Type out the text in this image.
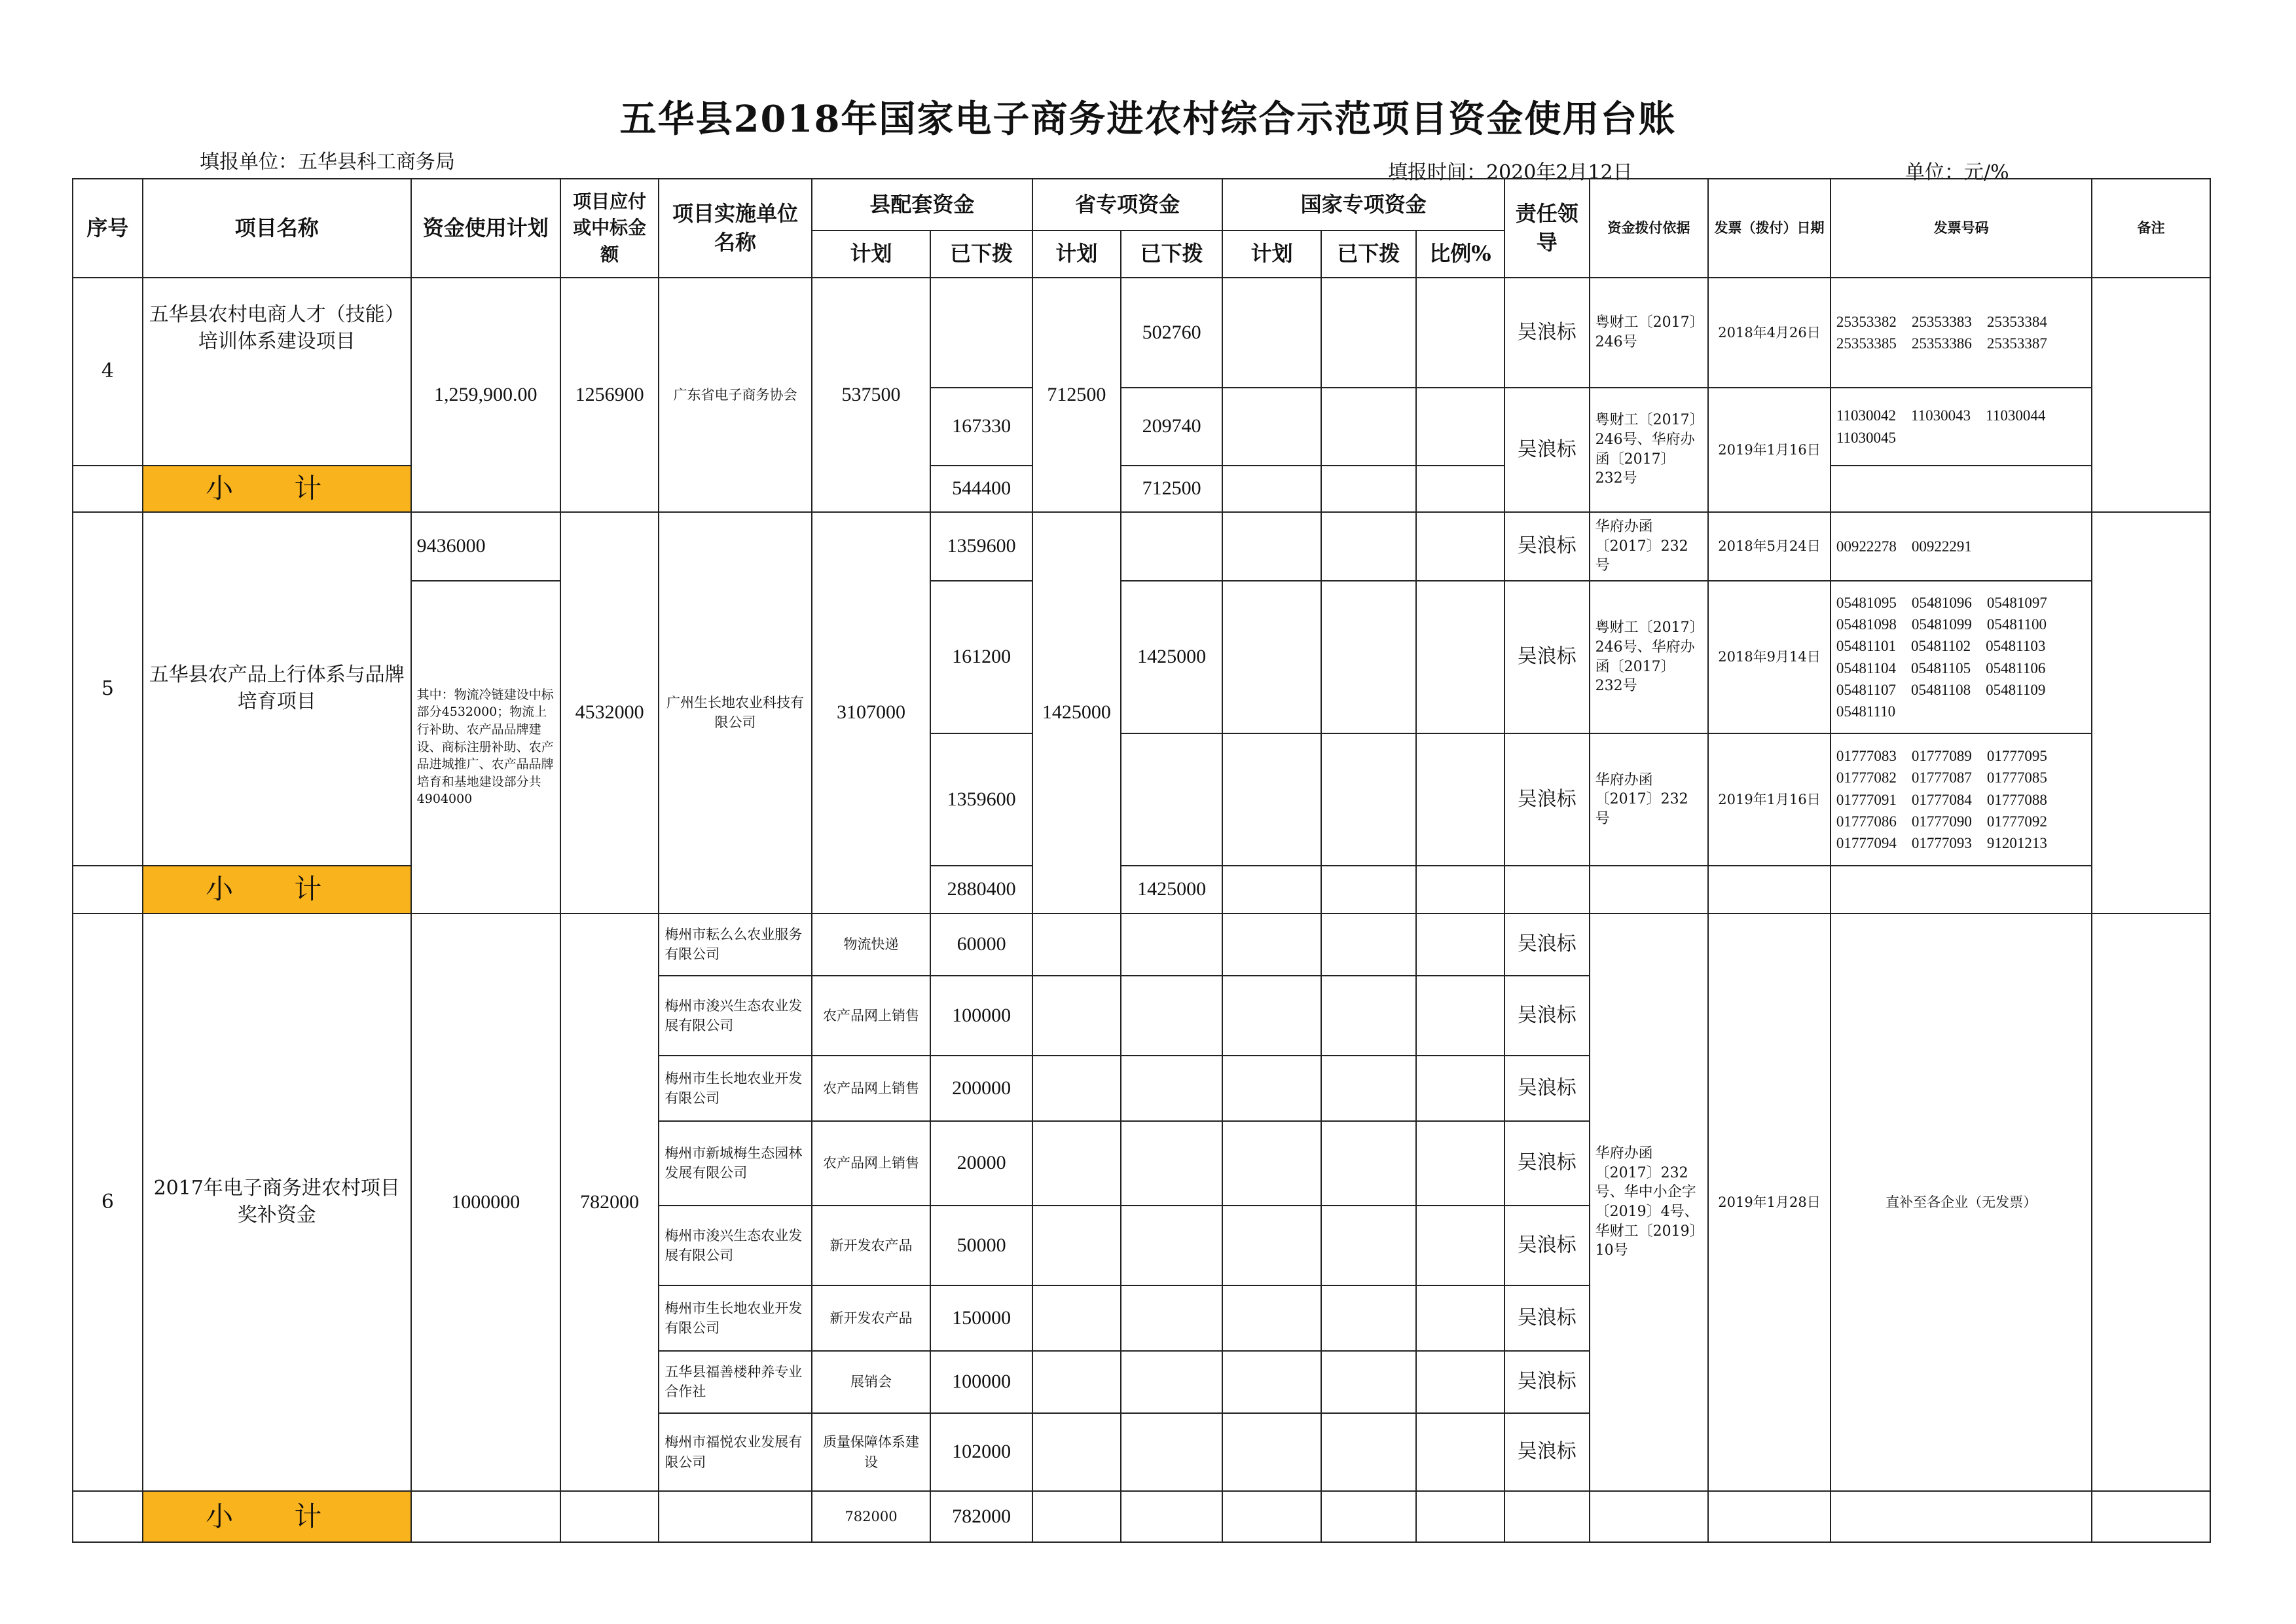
五华县2018年国家电子商务进农村综合示范项目资金使用台账
填报单位：五华县科工商务局	填报时间：2020年2月12日	单位：元/%
序号	项目名称	资金使用计划	项目应付或中标金额	项目实施单位名称	县配套资金		省专项资金		国家专项资金			责任领导	资金拨付依据	发票（拨付）日期	发票号码	备注
					计划	已下拨	计划	已下拨	计划	已下拨	比例%					
4	五华县农村电商人才（技能）培训体系建设项目	1,259,900.00	1256900	广东省电子商务协会	537500		712500	502760				吴浪标	粤财工〔2017〕246号	2018年4月26日	25353382　25353383　25353384 25353385　25353386　25353387	
						167330		209740				吴浪标	粤财工〔2017〕246号、华府办函〔2017〕232号	2019年1月16日	11030042　11030043　11030044 11030045	
	小 计					544400		712500								
5	五华县农产品上行体系与品牌培育项目	9436000	4532000	广州生长地农业科技有限公司	3107000	1359600	1425000					吴浪标	华府办函〔2017〕232号	2018年5月24日	00922278　00922291	
		其中：物流冷链建设中标部分4532000；物流上行补助、农产品品牌建设、商标注册补助、农产品进城推广、农产品品牌培育和基地建设部分共4904000				161200		1425000				吴浪标	粤财工〔2017〕246号、华府办函〔2017〕232号	2018年9月14日	05481095　05481096　05481097 05481098　05481099　05481100 05481101　05481102　05481103 05481104　05481105　05481106 05481107　05481108　05481109 05481110	
						1359600						吴浪标	华府办函〔2017〕232号	2019年1月16日	01777083　01777089　01777095 01777082　01777087　01777085 01777091　01777084　01777088 01777086　01777090　01777092 01777094　01777093　91201213	
	小 计					2880400		1425000								
6	2017年电子商务进农村项目奖补资金	1000000	782000	梅州市耘么么农业服务有限公司	物流快递	60000						吴浪标	华府办函〔2017〕232号、华中小企字〔2019〕4号、华财工〔2019〕10号	2019年1月28日	直补至各企业（无发票）	
				梅州市浚兴生态农业发展有限公司	农产品网上销售	100000						吴浪标				
				梅州市生长地农业开发有限公司	农产品网上销售	200000						吴浪标				
				梅州市新城梅生态园林发展有限公司	农产品网上销售	20000						吴浪标				
				梅州市浚兴生态农业发展有限公司	新开发农产品	50000						吴浪标				
				梅州市生长地农业开发有限公司	新开发农产品	150000						吴浪标				
				五华县福善楼种养专业合作社	展销会	100000						吴浪标				
				梅州市福悦农业发展有限公司	质量保障体系建设	102000						吴浪标				
	小 计				782000	782000										
